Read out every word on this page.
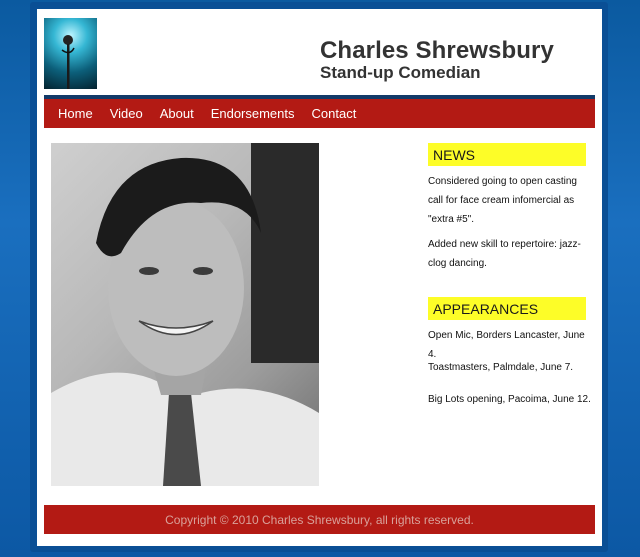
Charles Shrewsbury
Stand-up Comedian
Home Video About Endorsements Contact
NEWS
Considered going to open casting call for face cream infomercial as "extra #5".
Added new skill to repertoire: jazz-clog dancing.
APPEARANCES
Open Mic, Borders Lancaster, June 4.
Toastmasters, Palmdale, June 7.
Big Lots opening, Pacoima, June 12.
Copyright © 2010 Charles Shrewsbury, all rights reserved.
